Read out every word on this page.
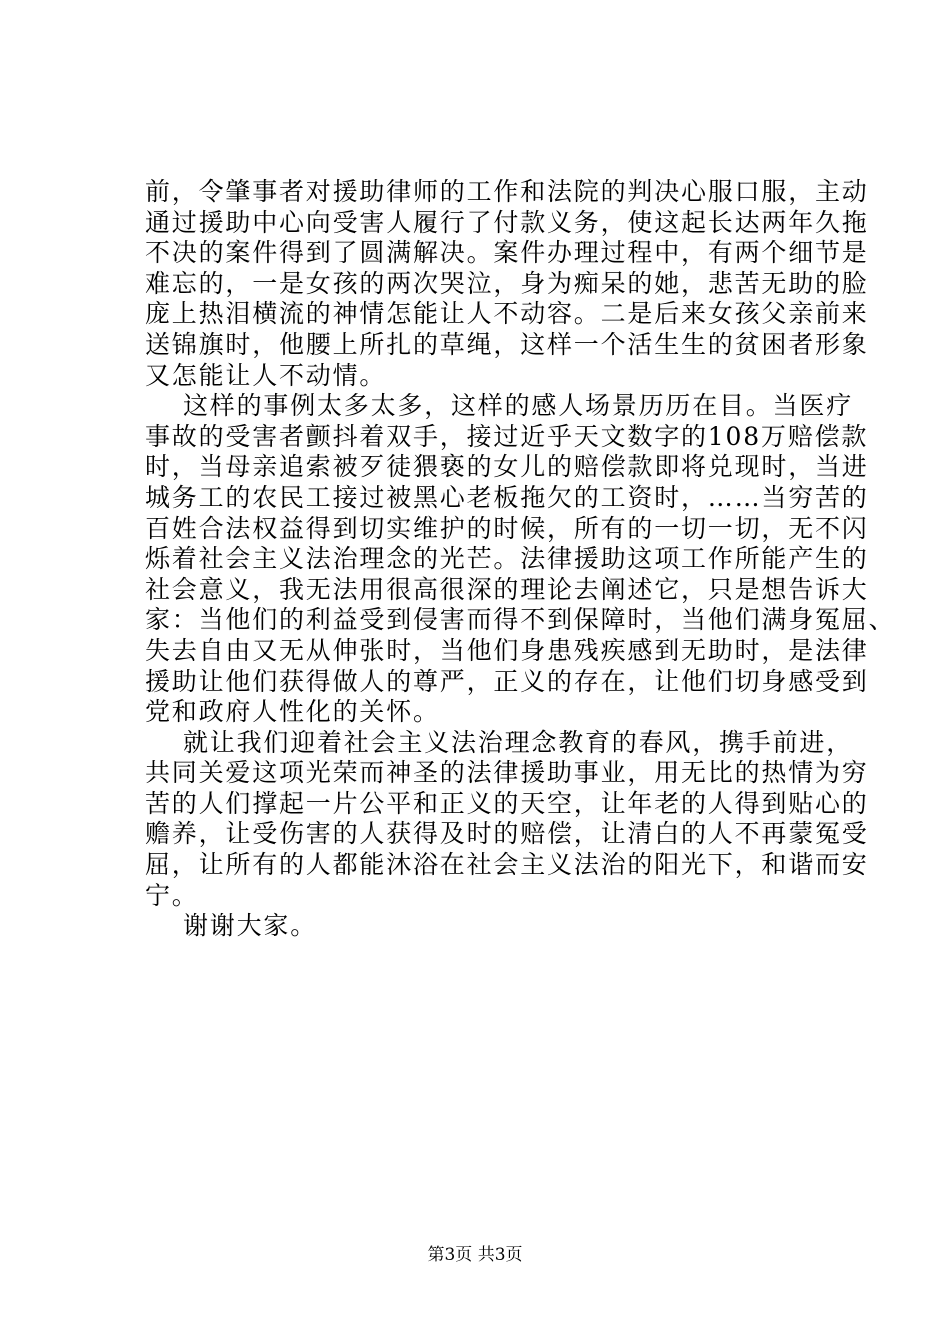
前，令肇事者对援助律师的工作和法院的判决心服口服，主动
通过援助中心向受害人履行了付款义务，使这起长达两年久拖
不决的案件得到了圆满解决。案件办理过程中，有两个细节是
难忘的，一是女孩的两次哭泣，身为痴呆的她，悲苦无助的脸
庞上热泪横流的神情怎能让人不动容。二是后来女孩父亲前来
送锦旗时，他腰上所扎的草绳，这样一个活生生的贫困者形象
又怎能让人不动情。
这样的事例太多太多，这样的感人场景历历在目。当医疗
事故的受害者颤抖着双手，接过近乎天文数字的108万赔偿款
时，当母亲追索被歹徒猥亵的女儿的赔偿款即将兑现时，当进
城务工的农民工接过被黑心老板拖欠的工资时，……当穷苦的
百姓合法权益得到切实维护的时候，所有的一切一切，无不闪
烁着社会主义法治理念的光芒。法律援助这项工作所能产生的
社会意义，我无法用很高很深的理论去阐述它，只是想告诉大
家：当他们的利益受到侵害而得不到保障时，当他们满身冤屈、
失去自由又无从伸张时，当他们身患残疾感到无助时，是法律
援助让他们获得做人的尊严，正义的存在，让他们切身感受到
党和政府人性化的关怀。
就让我们迎着社会主义法治理念教育的春风，携手前进，
共同关爱这项光荣而神圣的法律援助事业，用无比的热情为穷
苦的人们撑起一片公平和正义的天空，让年老的人得到贴心的
赡养，让受伤害的人获得及时的赔偿，让清白的人不再蒙冤受
屈，让所有的人都能沐浴在社会主义法治的阳光下，和谐而安
宁。
谢谢大家。
第3页 共3页
